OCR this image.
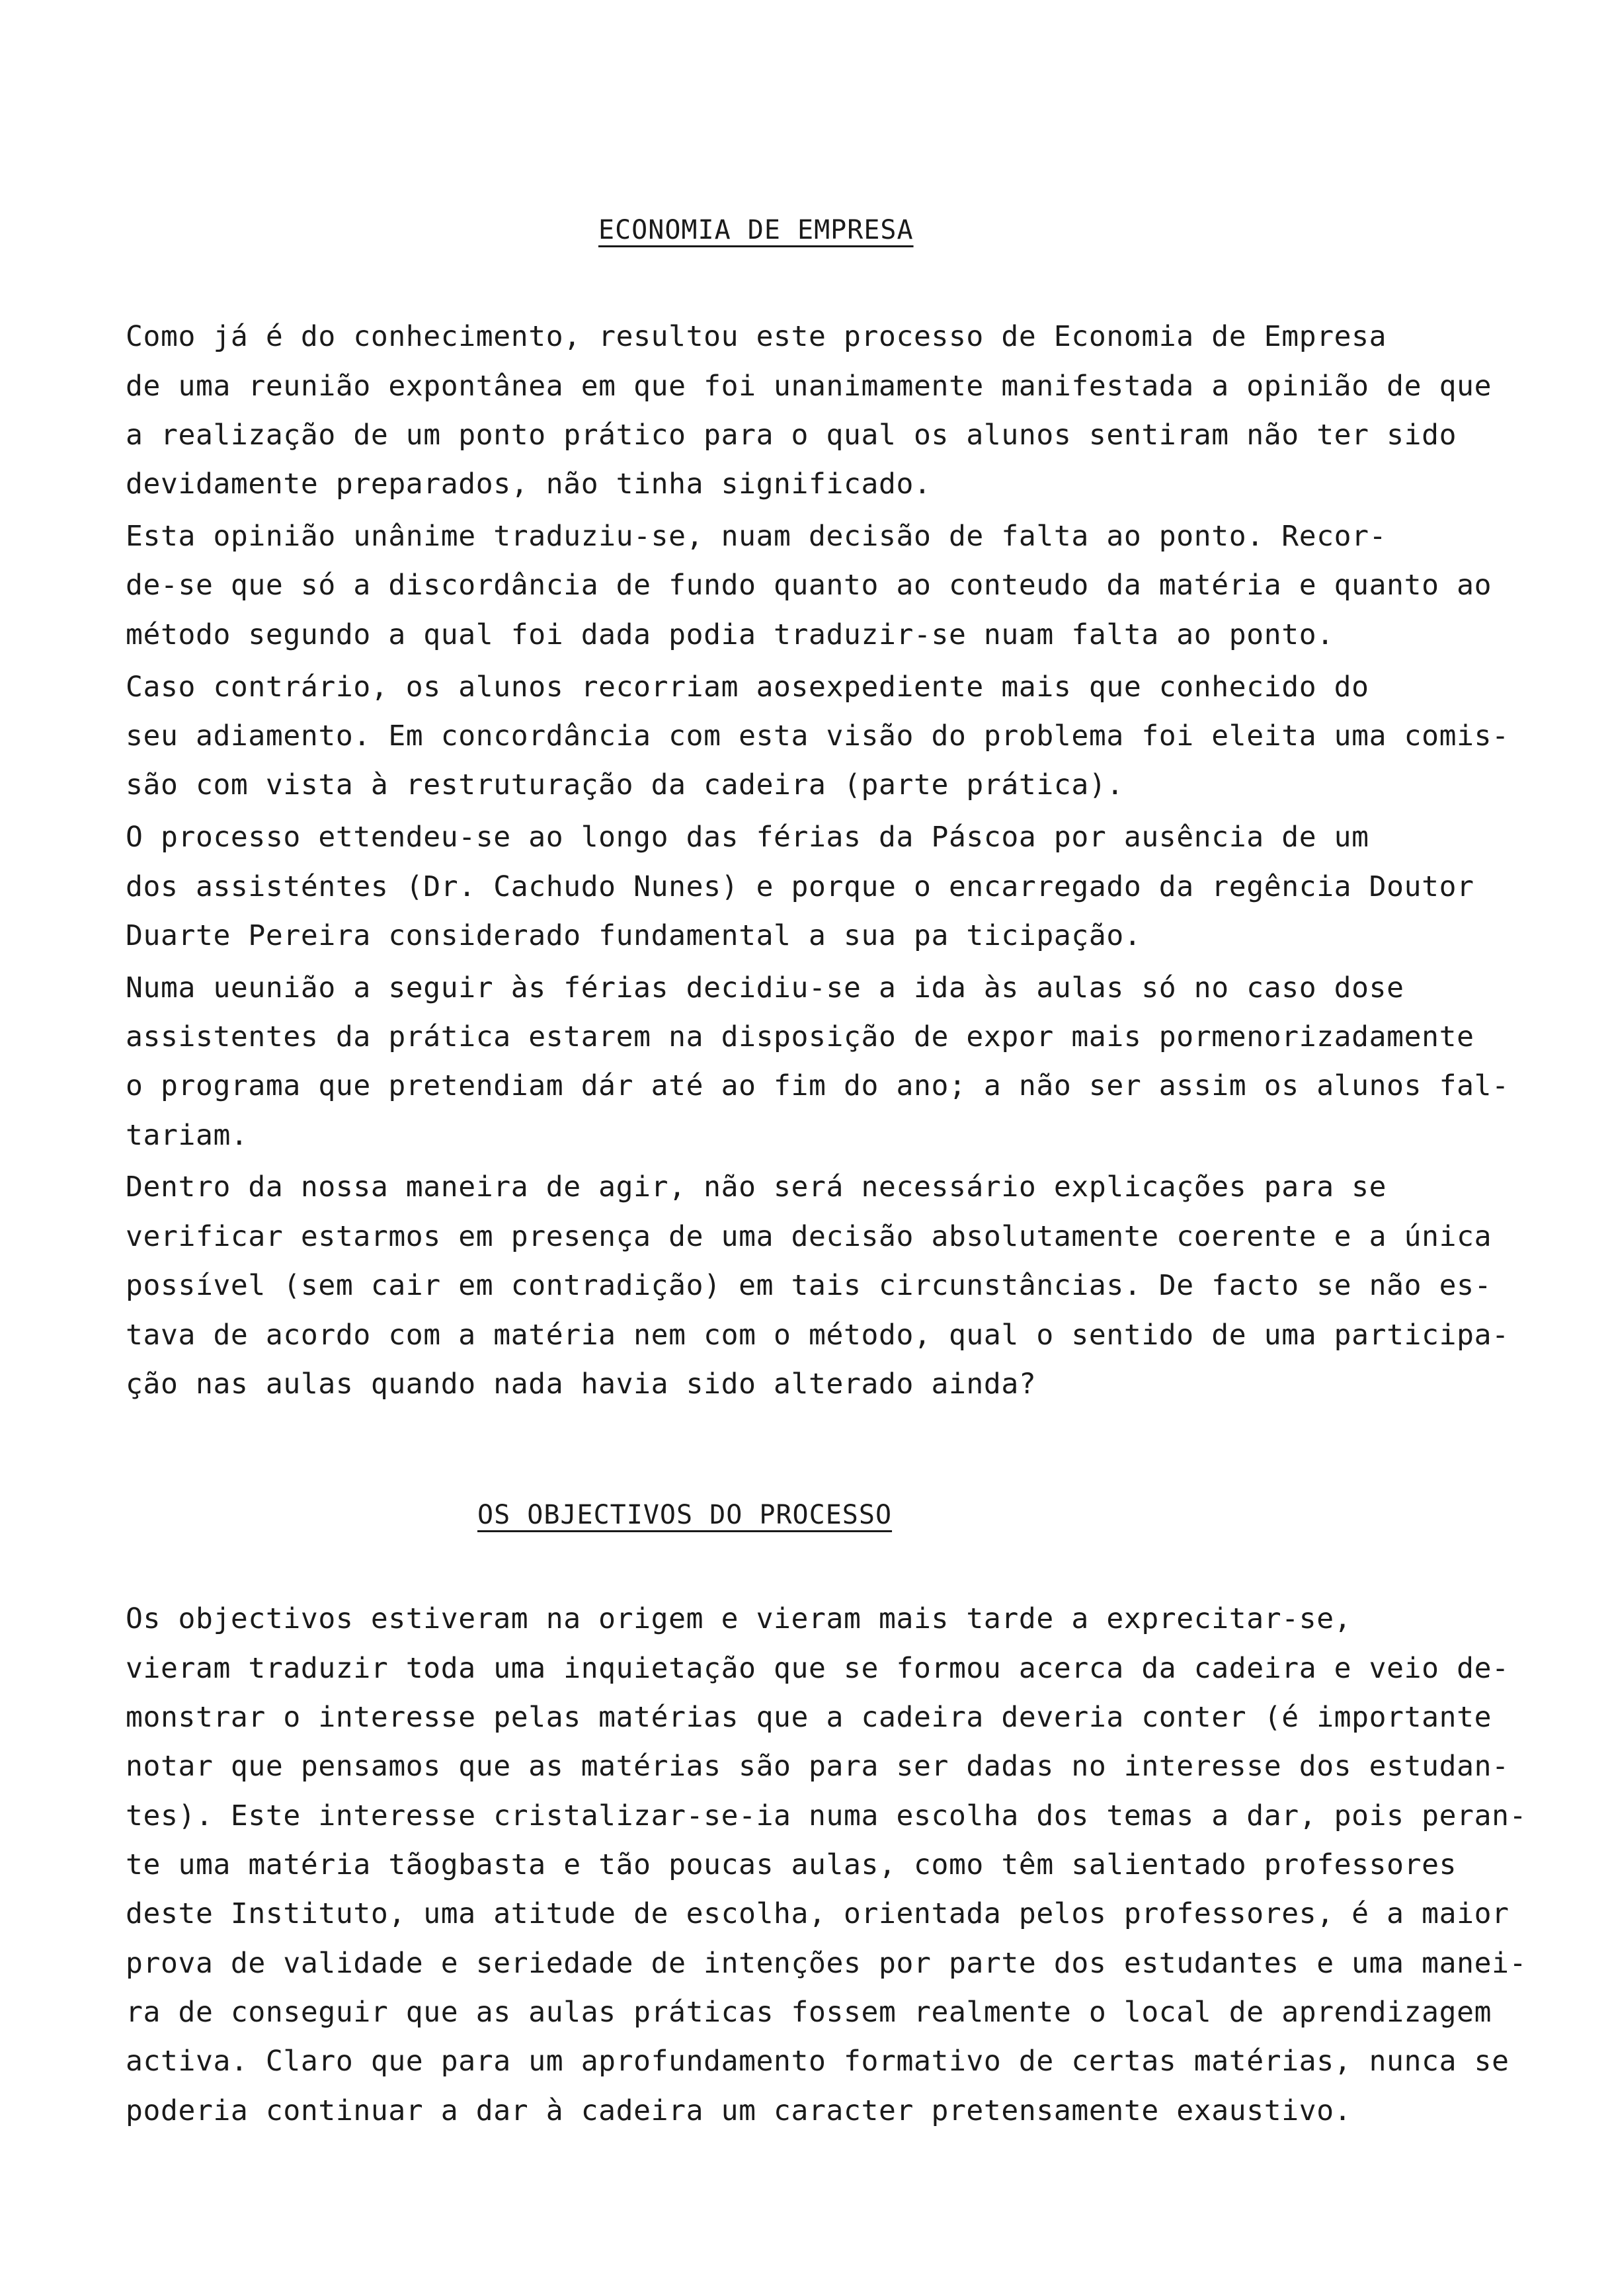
ECONOMIA DE EMPRESA
Como já é do conhecimento, resultou este processo de Economia de Empresa
de uma reunião expontânea em que foi unanimamente manifestada a opinião de que
a realização de um ponto prático para o qual os alunos sentiram não ter sido
devidamente preparados, não tinha significado.
Esta opinião unânime traduziu-se, nuam decisão de falta ao ponto. Recor-
de-se que só a discordância de fundo quanto ao conteudo da matéria e quanto ao
método segundo a qual foi dada podia traduzir-se nuam falta ao ponto.
Caso contrário, os alunos recorriam aosexpediente mais que conhecido do
seu adiamento. Em concordância com esta visão do problema foi eleita uma comis-
são com vista à restruturação da cadeira (parte prática).
O processo ettendeu-se ao longo das férias da Páscoa por ausência de um
dos assisténtes (Dr. Cachudo Nunes) e porque o encarregado da regência Doutor
Duarte Pereira considerado fundamental a sua pa ticipação.
Numa ueunião a seguir às férias decidiu-se a ida às aulas só no caso dose
assistentes da prática estarem na disposição de expor mais pormenorizadamente
o programa que pretendiam dár até ao fim do ano; a não ser assim os alunos fal-
tariam.
Dentro da nossa maneira de agir, não será necessário explicações para se
verificar estarmos em presença de uma decisão absolutamente coerente e a única
possível (sem cair em contradição) em tais circunstâncias. De facto se não es-
tava de acordo com a matéria nem com o método, qual o sentido de uma participa-
ção nas aulas quando nada havia sido alterado ainda?
OS OBJECTIVOS DO PROCESSO
Os objectivos estiveram na origem e vieram mais tarde a exprecitar-se,
vieram traduzir toda uma inquietação que se formou acerca da cadeira e veio de-
monstrar o interesse pelas matérias que a cadeira deveria conter (é importante
notar que pensamos que as matérias são para ser dadas no interesse dos estudan-
tes). Este interesse cristalizar-se-ia numa escolha dos temas a dar, pois peran-
te uma matéria tãogbasta e tão poucas aulas, como têm salientado professores
deste Instituto, uma atitude de escolha, orientada pelos professores, é a maior
prova de validade e seriedade de intenções por parte dos estudantes e uma manei-
ra de conseguir que as aulas práticas fossem realmente o local de aprendizagem
activa. Claro que para um aprofundamento formativo de certas matérias, nunca se
poderia continuar a dar à cadeira um caracter pretensamente exaustivo.
